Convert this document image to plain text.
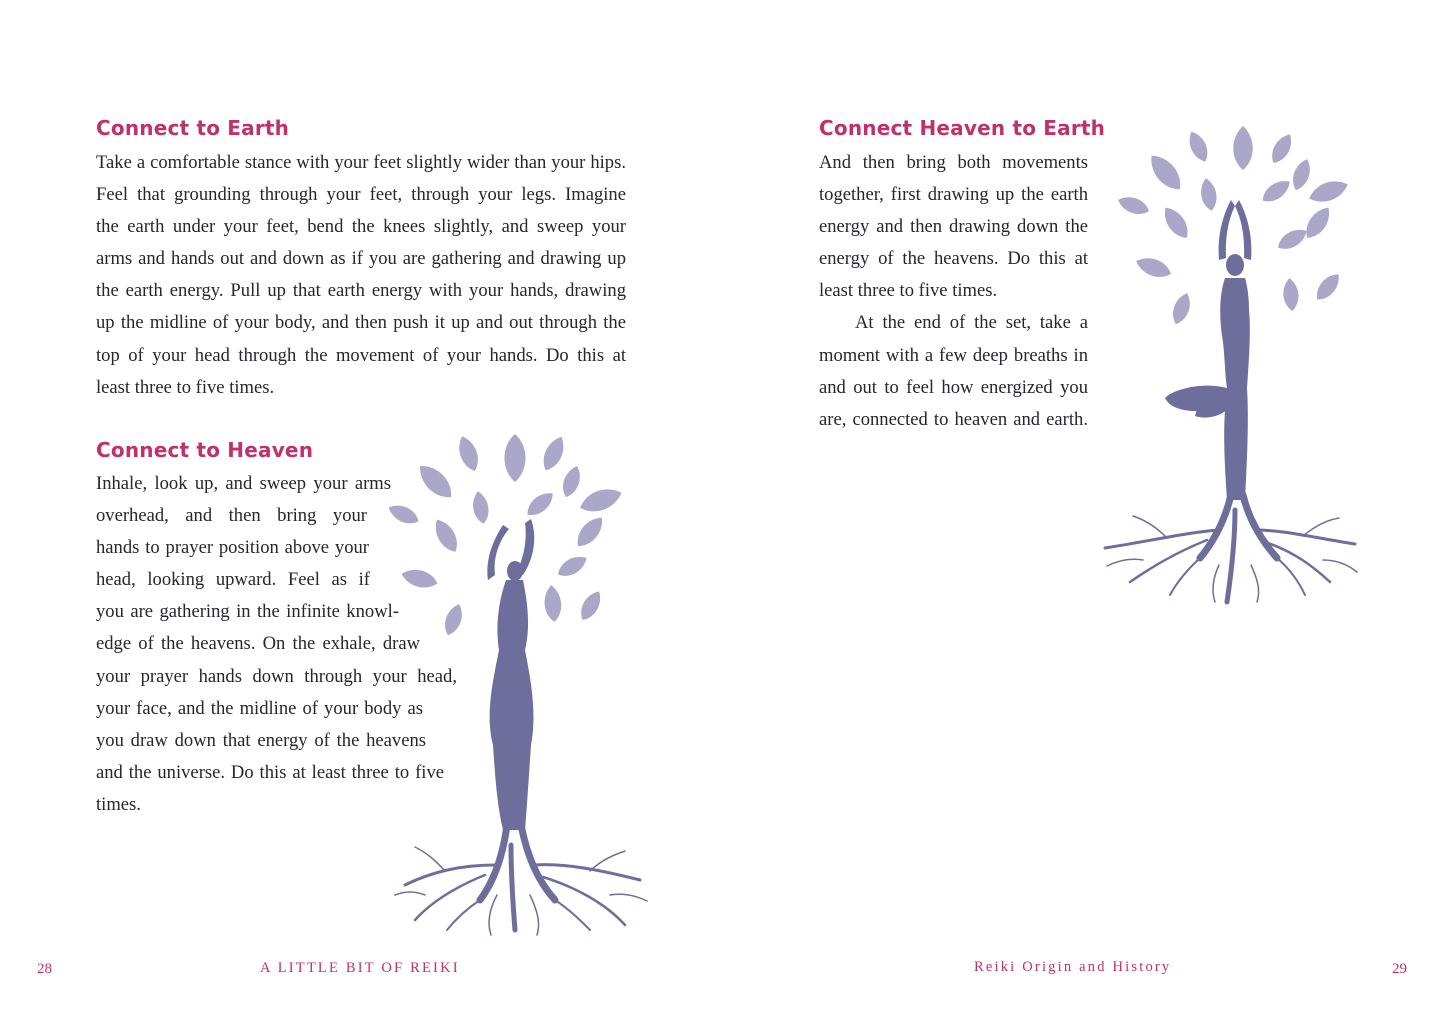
Connect to Earth
Take a comfortable stance with your feet slightly wider than your hips.
Feel that grounding through your feet, through your legs. Imagine
the earth under your feet, bend the knees slightly, and sweep your
arms and hands out and down as if you are gathering and drawing up
the earth energy. Pull up that earth energy with your hands, drawing
up the midline of your body, and then push it up and out through the
top of your head through the movement of your hands. Do this at
least three to five times.
Connect to Heaven
Inhale, look up, and sweep your arms
overhead, and then bring your
hands to prayer position above your
head, looking upward. Feel as if
you are gathering in the infinite knowl-
edge of the heavens. On the exhale, draw
your prayer hands down through your head,
your face, and the midline of your body as
you draw down that energy of the heavens
and the universe. Do this at least three to five
times.
28	A LITTLE BIT OF REIKI
Connect Heaven to Earth
And then bring both movements
together, first drawing up the earth
energy and then drawing down the
energy of the heavens. Do this at
least three to five times.
At the end of the set, take a
moment with a few deep breaths in
and out to feel how energized you
are, connected to heaven and earth.
Reiki Origin and History	29
